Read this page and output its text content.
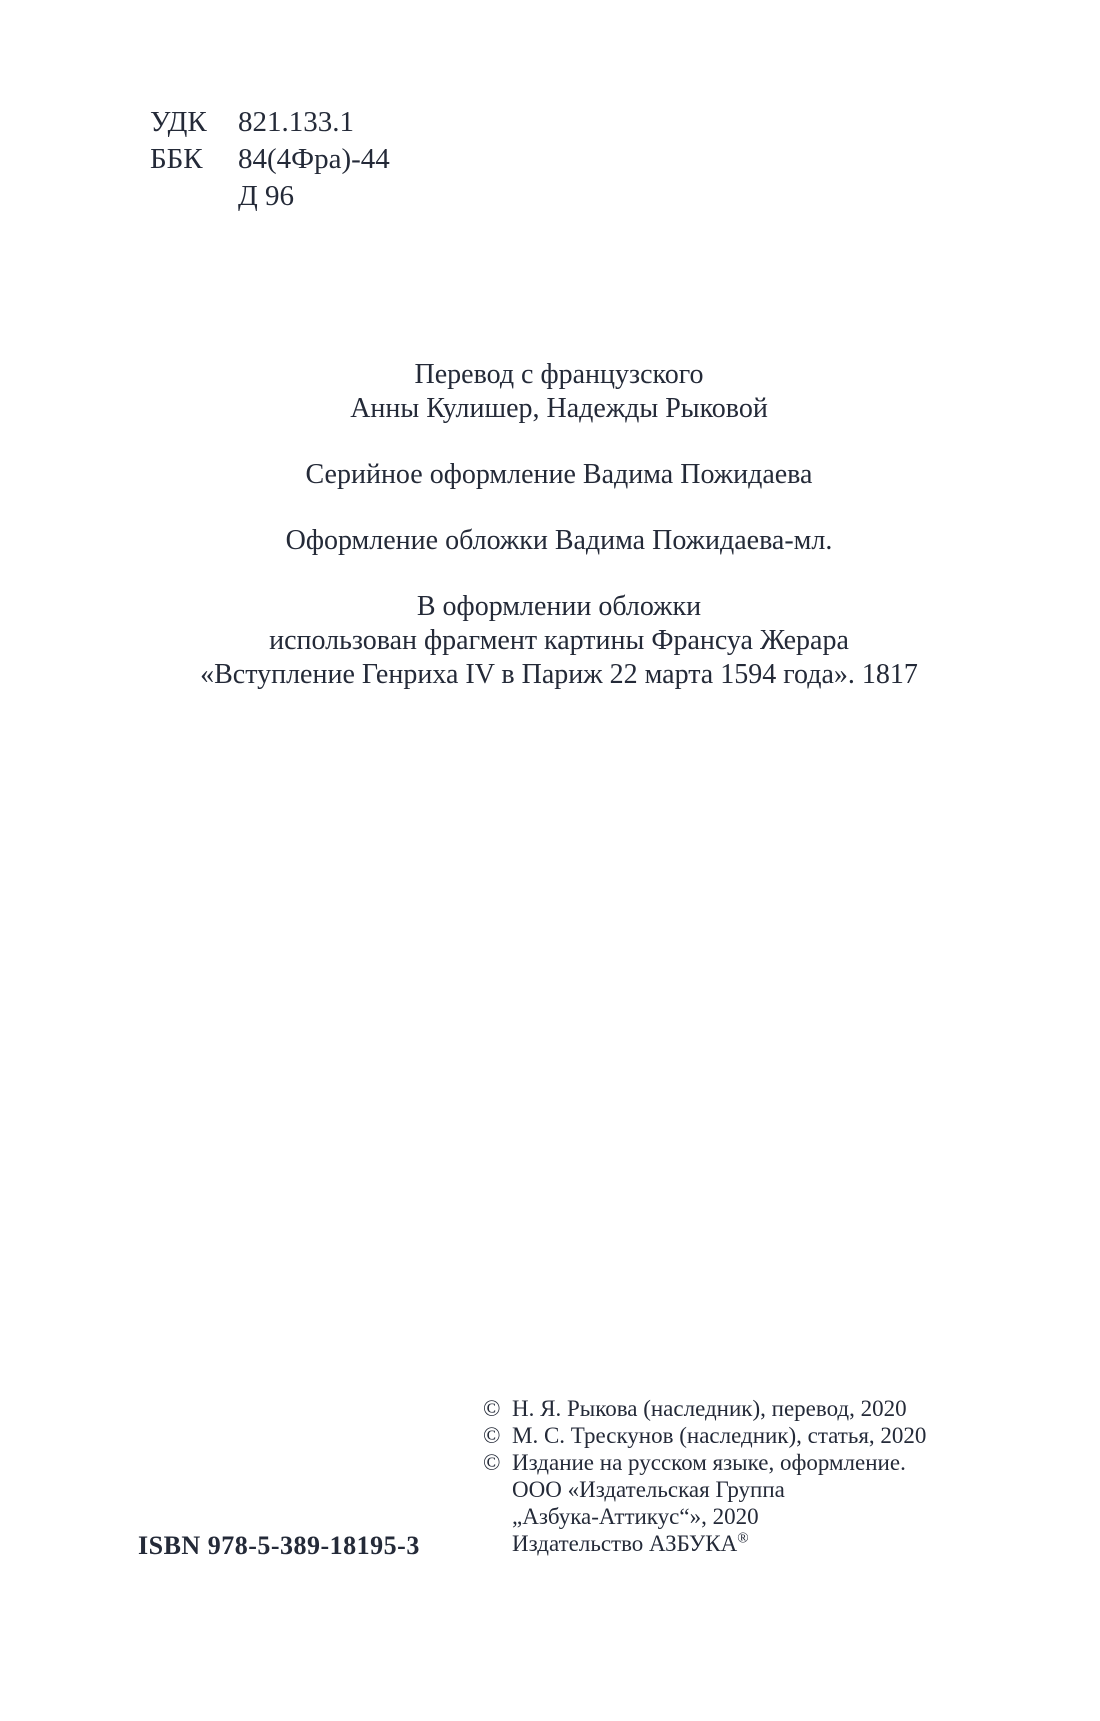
УДК	821.133.1
ББК	84(4Фра)-44
Д 96

Перевод с французского
Анны Кулишер, Надежды Рыковой

Серийное оформление Вадима Пожидаева

Оформление обложки Вадима Пожидаева-мл.

В оформлении обложки
использован фрагмент картины Франсуа Жерара
«Вступление Генриха IV в Париж 22 марта 1594 года». 1817

© Н. Я. Рыкова (наследник), перевод, 2020
© М. С. Трескунов (наследник), статья, 2020
© Издание на русском языке, оформление.
ООО «Издательская Группа
„Азбука-Аттикус“», 2020
Издательство АЗБУКА®
ISBN 978-5-389-18195-3
